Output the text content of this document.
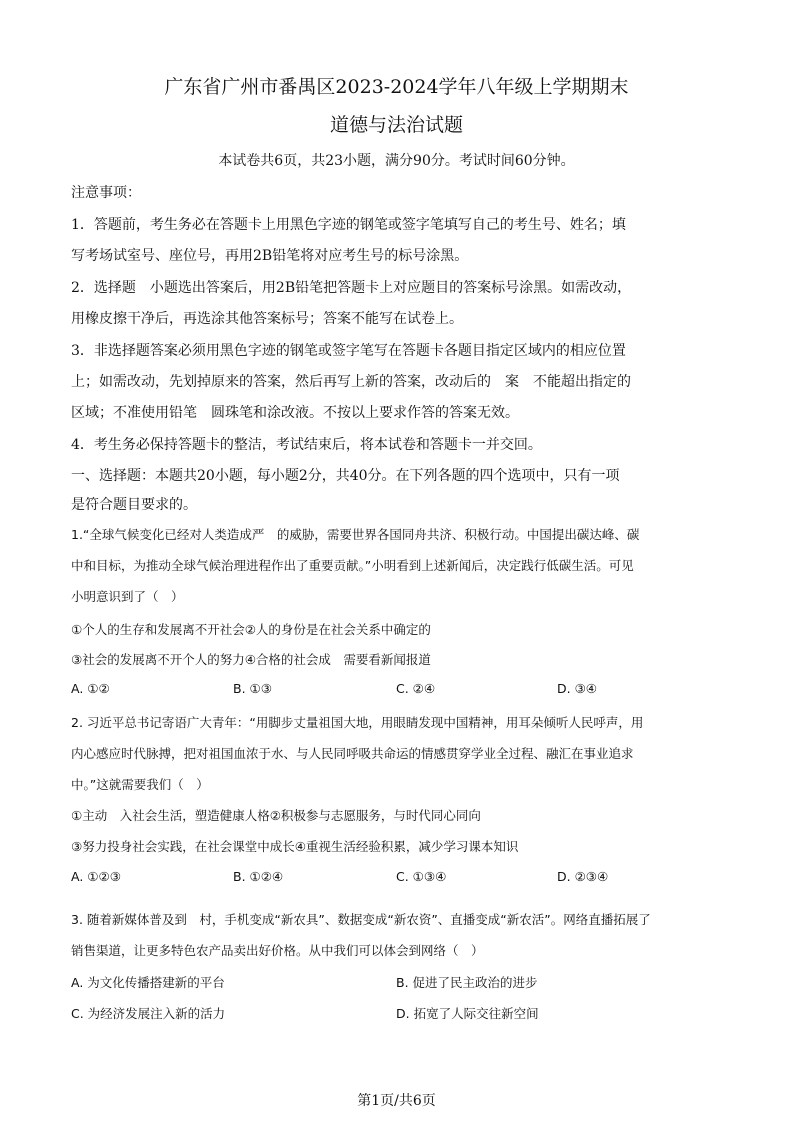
广东省广州市番禺区2023-2024学年八年级上学期期末
道德与法治试题
本试卷共6页，共23小题，满分90分。考试时间60分钟。
注意事项：
1．答题前，考生务必在答题卡上用黑色字迹的钢笔或签字笔填写自己的考生号、姓名；填
写考场试室号、座位号，再用2B铅笔将对应考生号的标号涂黑。
2．选择题　小题选出答案后，用2B铅笔把答题卡上对应题目的答案标号涂黑。如需改动，
用橡皮擦干净后，再选涂其他答案标号；答案不能写在试卷上。
3．非选择题答案必须用黑色字迹的钢笔或签字笔写在答题卡各题目指定区域内的相应位置
上；如需改动，先划掉原来的答案，然后再写上新的答案，改动后的　案　不能超出指定的
区域；不准使用铅笔　圆珠笔和涂改液。不按以上要求作答的答案无效。
4．考生务必保持答题卡的整洁，考试结束后，将本试卷和答题卡一并交回。
一、选择题：本题共20小题，每小题2分，共40分。在下列各题的四个选项中，只有一项
是符合题目要求的。
1.“全球气候变化已经对人类造成严　的威胁，需要世界各国同舟共济、积极行动。中国提出碳达峰、碳
中和目标，为推动全球气候治理进程作出了重要贡献。”小明看到上述新闻后，决定践行低碳生活。可见
小明意识到了（　）
①个人的生存和发展离不开社会②人的身份是在社会关系中确定的
③社会的发展离不开个人的努力④合格的社会成　需要看新闻报道
A. ①②	B. ①③	C. ②④	D. ③④
2. 习近平总书记寄语广大青年：“用脚步丈量祖国大地，用眼睛发现中国精神，用耳朵倾听人民呼声，用
内心感应时代脉搏，把对祖国血浓于水、与人民同呼吸共命运的情感贯穿学业全过程、融汇在事业追求
中。”这就需要我们（　）
①主动　入社会生活，塑造健康人格②积极参与志愿服务，与时代同心同向
③努力投身社会实践，在社会课堂中成长④重视生活经验积累，减少学习课本知识
A. ①②③	B. ①②④	C. ①③④	D. ②③④
3. 随着新媒体普及到　村，手机变成“新农具”、数据变成“新农资”、直播变成“新农活”。网络直播拓展了
销售渠道，让更多特色农产品卖出好价格。从中我们可以体会到网络（　）
A. 为文化传播搭建新的平台	B. 促进了民主政治的进步
C. 为经济发展注入新的活力	D. 拓宽了人际交往新空间
第1页/共6页
